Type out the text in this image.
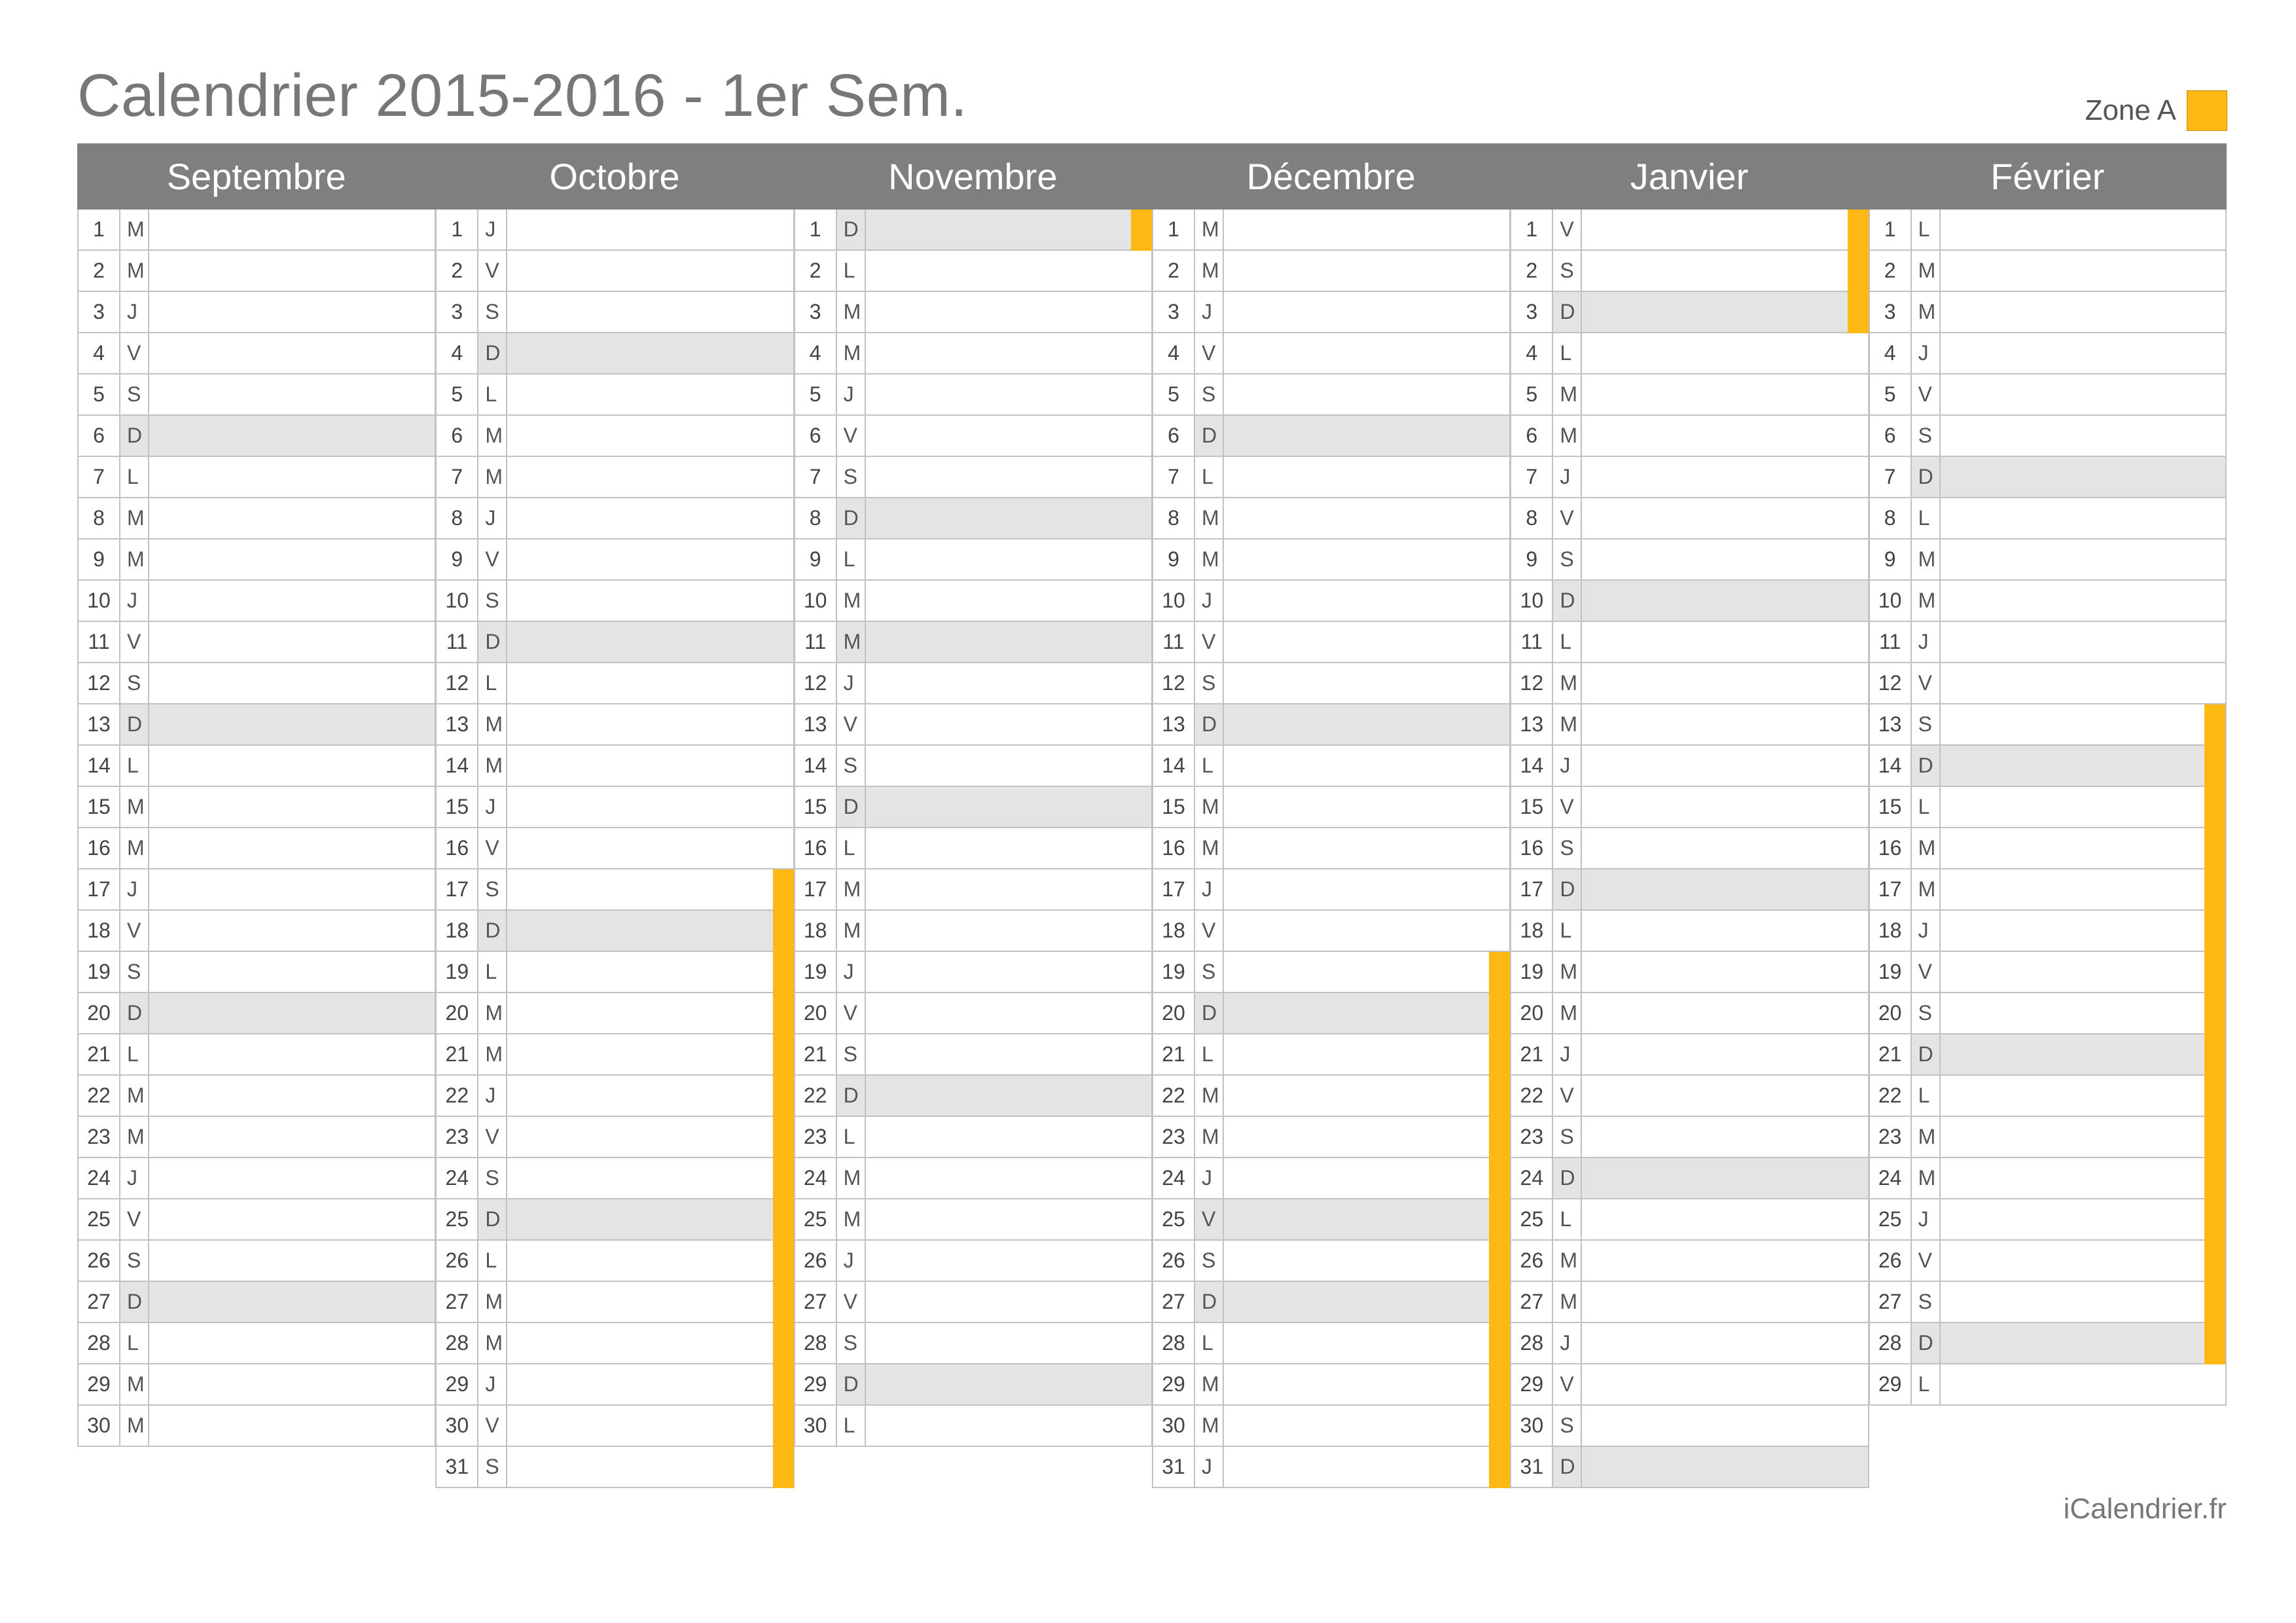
Calendrier 2015-2016 - 1er Sem.	Zone A
Septembre
1	M
2	M
3	J
4	V
5	S
6	D
7	L
8	M
9	M
10 J
11 V
12 S
13 D
14 L
15 M
16 M
17 J
18 V
19 S
20 D
21 L
22 M
23 M
24 J
25 V
26 S
27 D
28 L
29 M
30 M
Octobre
1	J
2	V
3	S
4	D
5	L
6	M
7	M
8	J
9	V
10 S
11 D
12 L
13 M
14 M
15 J
16 V
17 S
18 D
19 L
20 M
21 M
22 J
23 V
24 S
25 D
26 L
27 M
28 M
29 J
30 V
31 S
Novembre
1	D
2	L
3	M
4	M
5	J
6	V
7	S
8	D
9	L
10 M
11 M
12 J
13 V
14 S
15 D
16 L
17 M
18 M
19 J
20 V
21 S
22 D
23 L
24 M
25 M
26 J
27 V
28 S
29 D
30 L
Décembre
1	M
2	M
3	J
4	V
5	S
6	D
7	L
8	M
9	M
10 J
11 V
12 S
13 D
14 L
15 M
16 M
17 J
18 V
19 S
20 D
21 L
22 M
23 M
24 J
25 V
26 S
27 D
28 L
29 M
30 M
31 J
Janvier
1	V
2	S
3	D
4	L
5	M
6	M
7	J
8	V
9	S
10 D
11 L
12 M
13 M
14 J
15 V
16 S
17 D
18 L
19 M
20 M
21 J
22 V
23 S
24 D
25 L
26 M
27 M
28 J
29 V
30 S
31 D
Février
1	L
2	M
3	M
4	J
5	V
6	S
7	D
8	L
9	M
10 M
11 J
12 V
13 S
14 D
15 L
16 M
17 M
18 J
19 V
20 S
21 D
22 L
23 M
24 M
25 J
26 V
27 S
28 D
29 L
iCalendrier.fr
